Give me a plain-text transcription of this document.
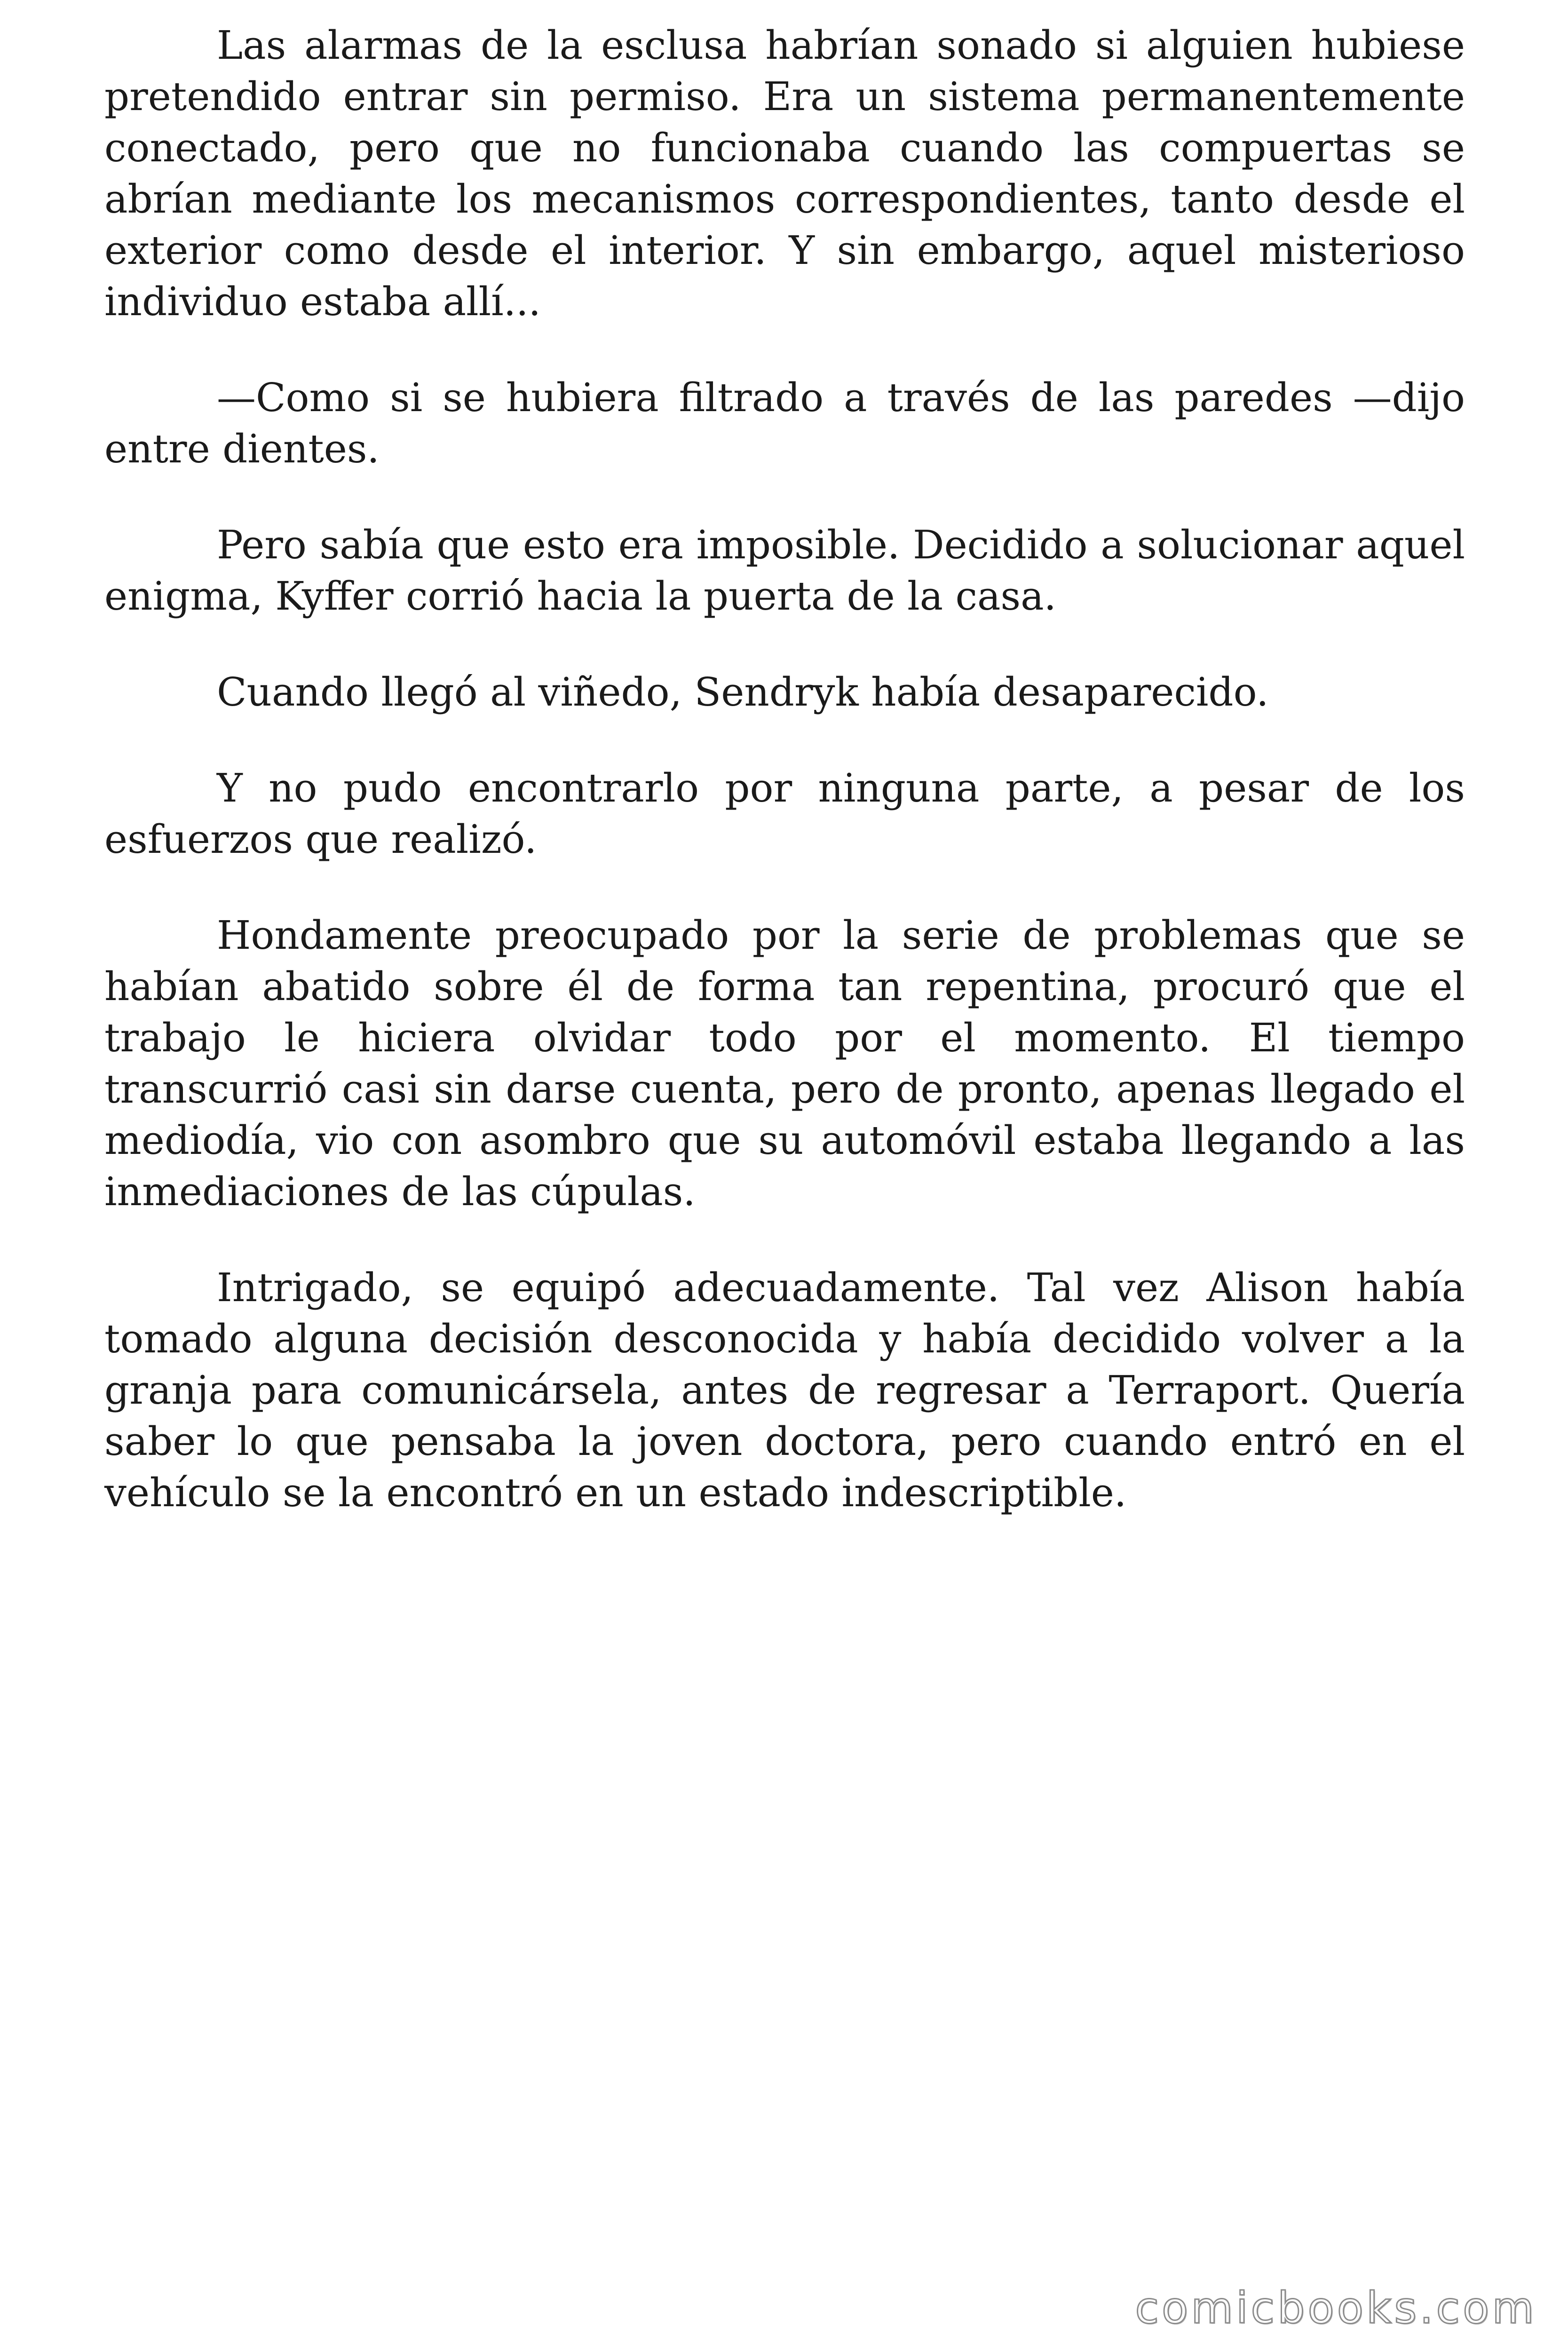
Las alarmas de la esclusa habrían sonado si alguien hubiese pretendido entrar sin permiso. Era un sistema permanentemente conectado, pero que no funcionaba cuando las compuertas se abrían mediante los mecanismos correspondientes, tanto desde el exterior como desde el interior. Y sin embargo, aquel misterioso individuo estaba allí...

—Como si se hubiera filtrado a través de las paredes —dijo entre dientes.

Pero sabía que esto era imposible. Decidido a solucionar aquel enigma, Kyffer corrió hacia la puerta de la casa.

Cuando llegó al viñedo, Sendryk había desaparecido.

Y no pudo encontrarlo por ninguna parte, a pesar de los esfuerzos que realizó.

Hondamente preocupado por la serie de problemas que se habían abatido sobre él de forma tan repentina, procuró que el trabajo le hiciera olvidar todo por el momento. El tiempo transcurrió casi sin darse cuenta, pero de pronto, apenas llegado el mediodía, vio con asombro que su automóvil estaba llegando a las inmediaciones de las cúpulas.

Intrigado, se equipó adecuadamente. Tal vez Alison había tomado alguna decisión desconocida y había decidido volver a la granja para comunicársela, antes de regresar a Terraport. Quería saber lo que pensaba la joven doctora, pero cuando entró en el vehículo se la encontró en un estado indescriptible.

comicbooks.com
